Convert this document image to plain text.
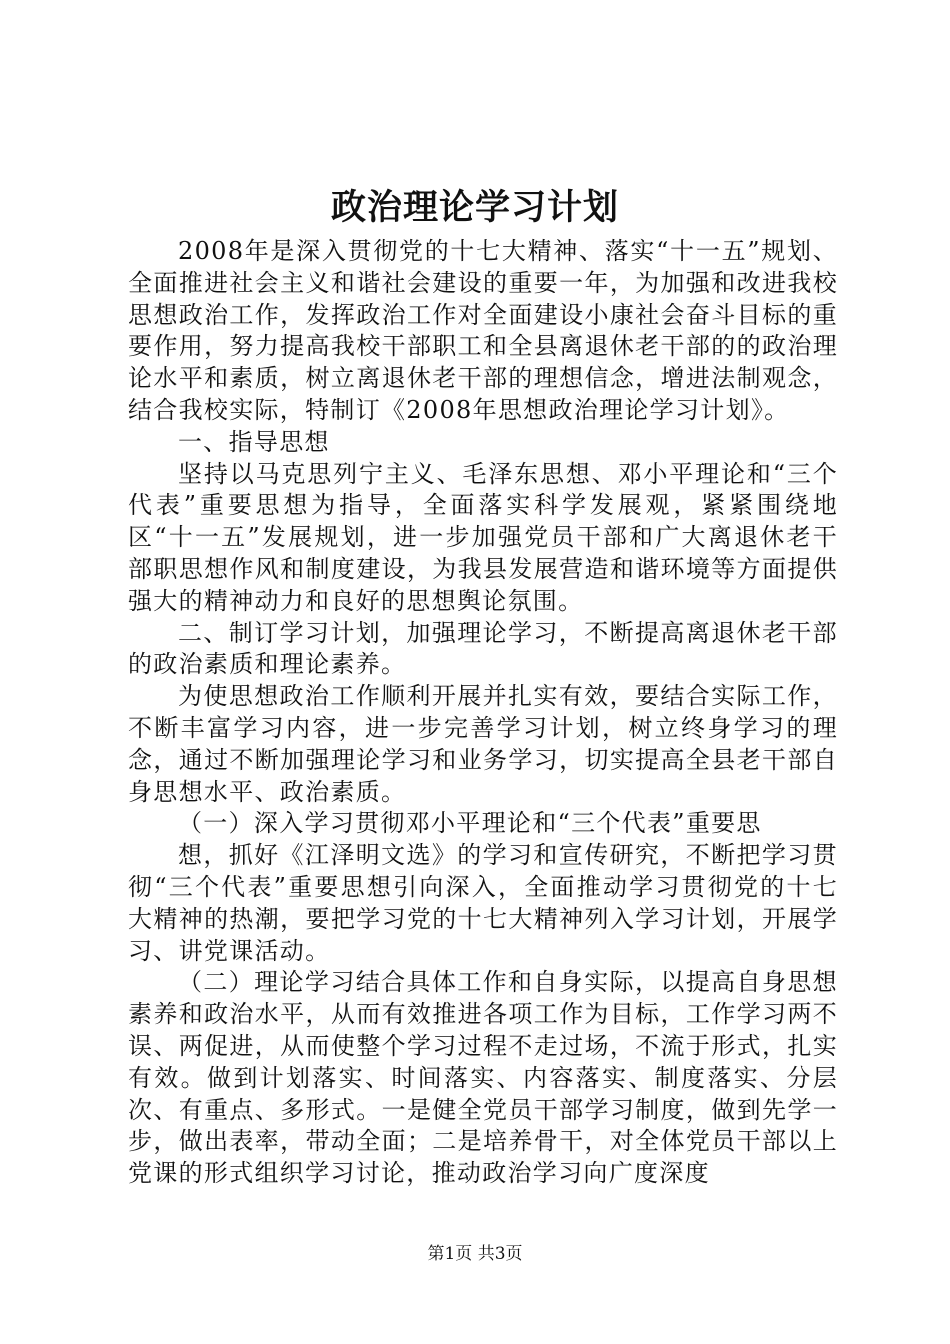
政治理论学习计划

2008年是深入贯彻党的十七大精神、落实“十一五”规划、全面推进社会主义和谐社会建设的重要一年，为加强和改进我校思想政治工作，发挥政治工作对全面建设小康社会奋斗目标的重要作用，努力提高我校干部职工和全县离退休老干部的的政治理论水平和素质，树立离退休老干部的理想信念，增进法制观念，结合我校实际，特制订《2008年思想政治理论学习计划》。

一、指导思想

坚持以马克思列宁主义、毛泽东思想、邓小平理论和“三个代表”重要思想为指导，全面落实科学发展观，紧紧围绕地区“十一五”发展规划，进一步加强党员干部和广大离退休老干部职思想作风和制度建设，为我县发展营造和谐环境等方面提供强大的精神动力和良好的思想舆论氛围。

二、制订学习计划，加强理论学习，不断提高离退休老干部的政治素质和理论素养。

为使思想政治工作顺利开展并扎实有效，要结合实际工作，不断丰富学习内容，进一步完善学习计划，树立终身学习的理念，通过不断加强理论学习和业务学习，切实提高全县老干部自身思想水平、政治素质。

（一）深入学习贯彻邓小平理论和“三个代表”重要思

想，抓好《江泽明文选》的学习和宣传研究，不断把学习贯彻“三个代表”重要思想引向深入，全面推动学习贯彻党的十七大精神的热潮，要把学习党的十七大精神列入学习计划，开展学习、讲党课活动。

（二）理论学习结合具体工作和自身实际，以提高自身思想素养和政治水平，从而有效推进各项工作为目标，工作学习两不误、两促进，从而使整个学习过程不走过场，不流于形式，扎实有效。做到计划落实、时间落实、内容落实、制度落实、分层次、有重点、多形式。一是健全党员干部学习制度，做到先学一步，做出表率，带动全面；二是培养骨干，对全体党员干部以上党课的形式组织学习讨论，推动政治学习向广度深度

第1页 共3页
